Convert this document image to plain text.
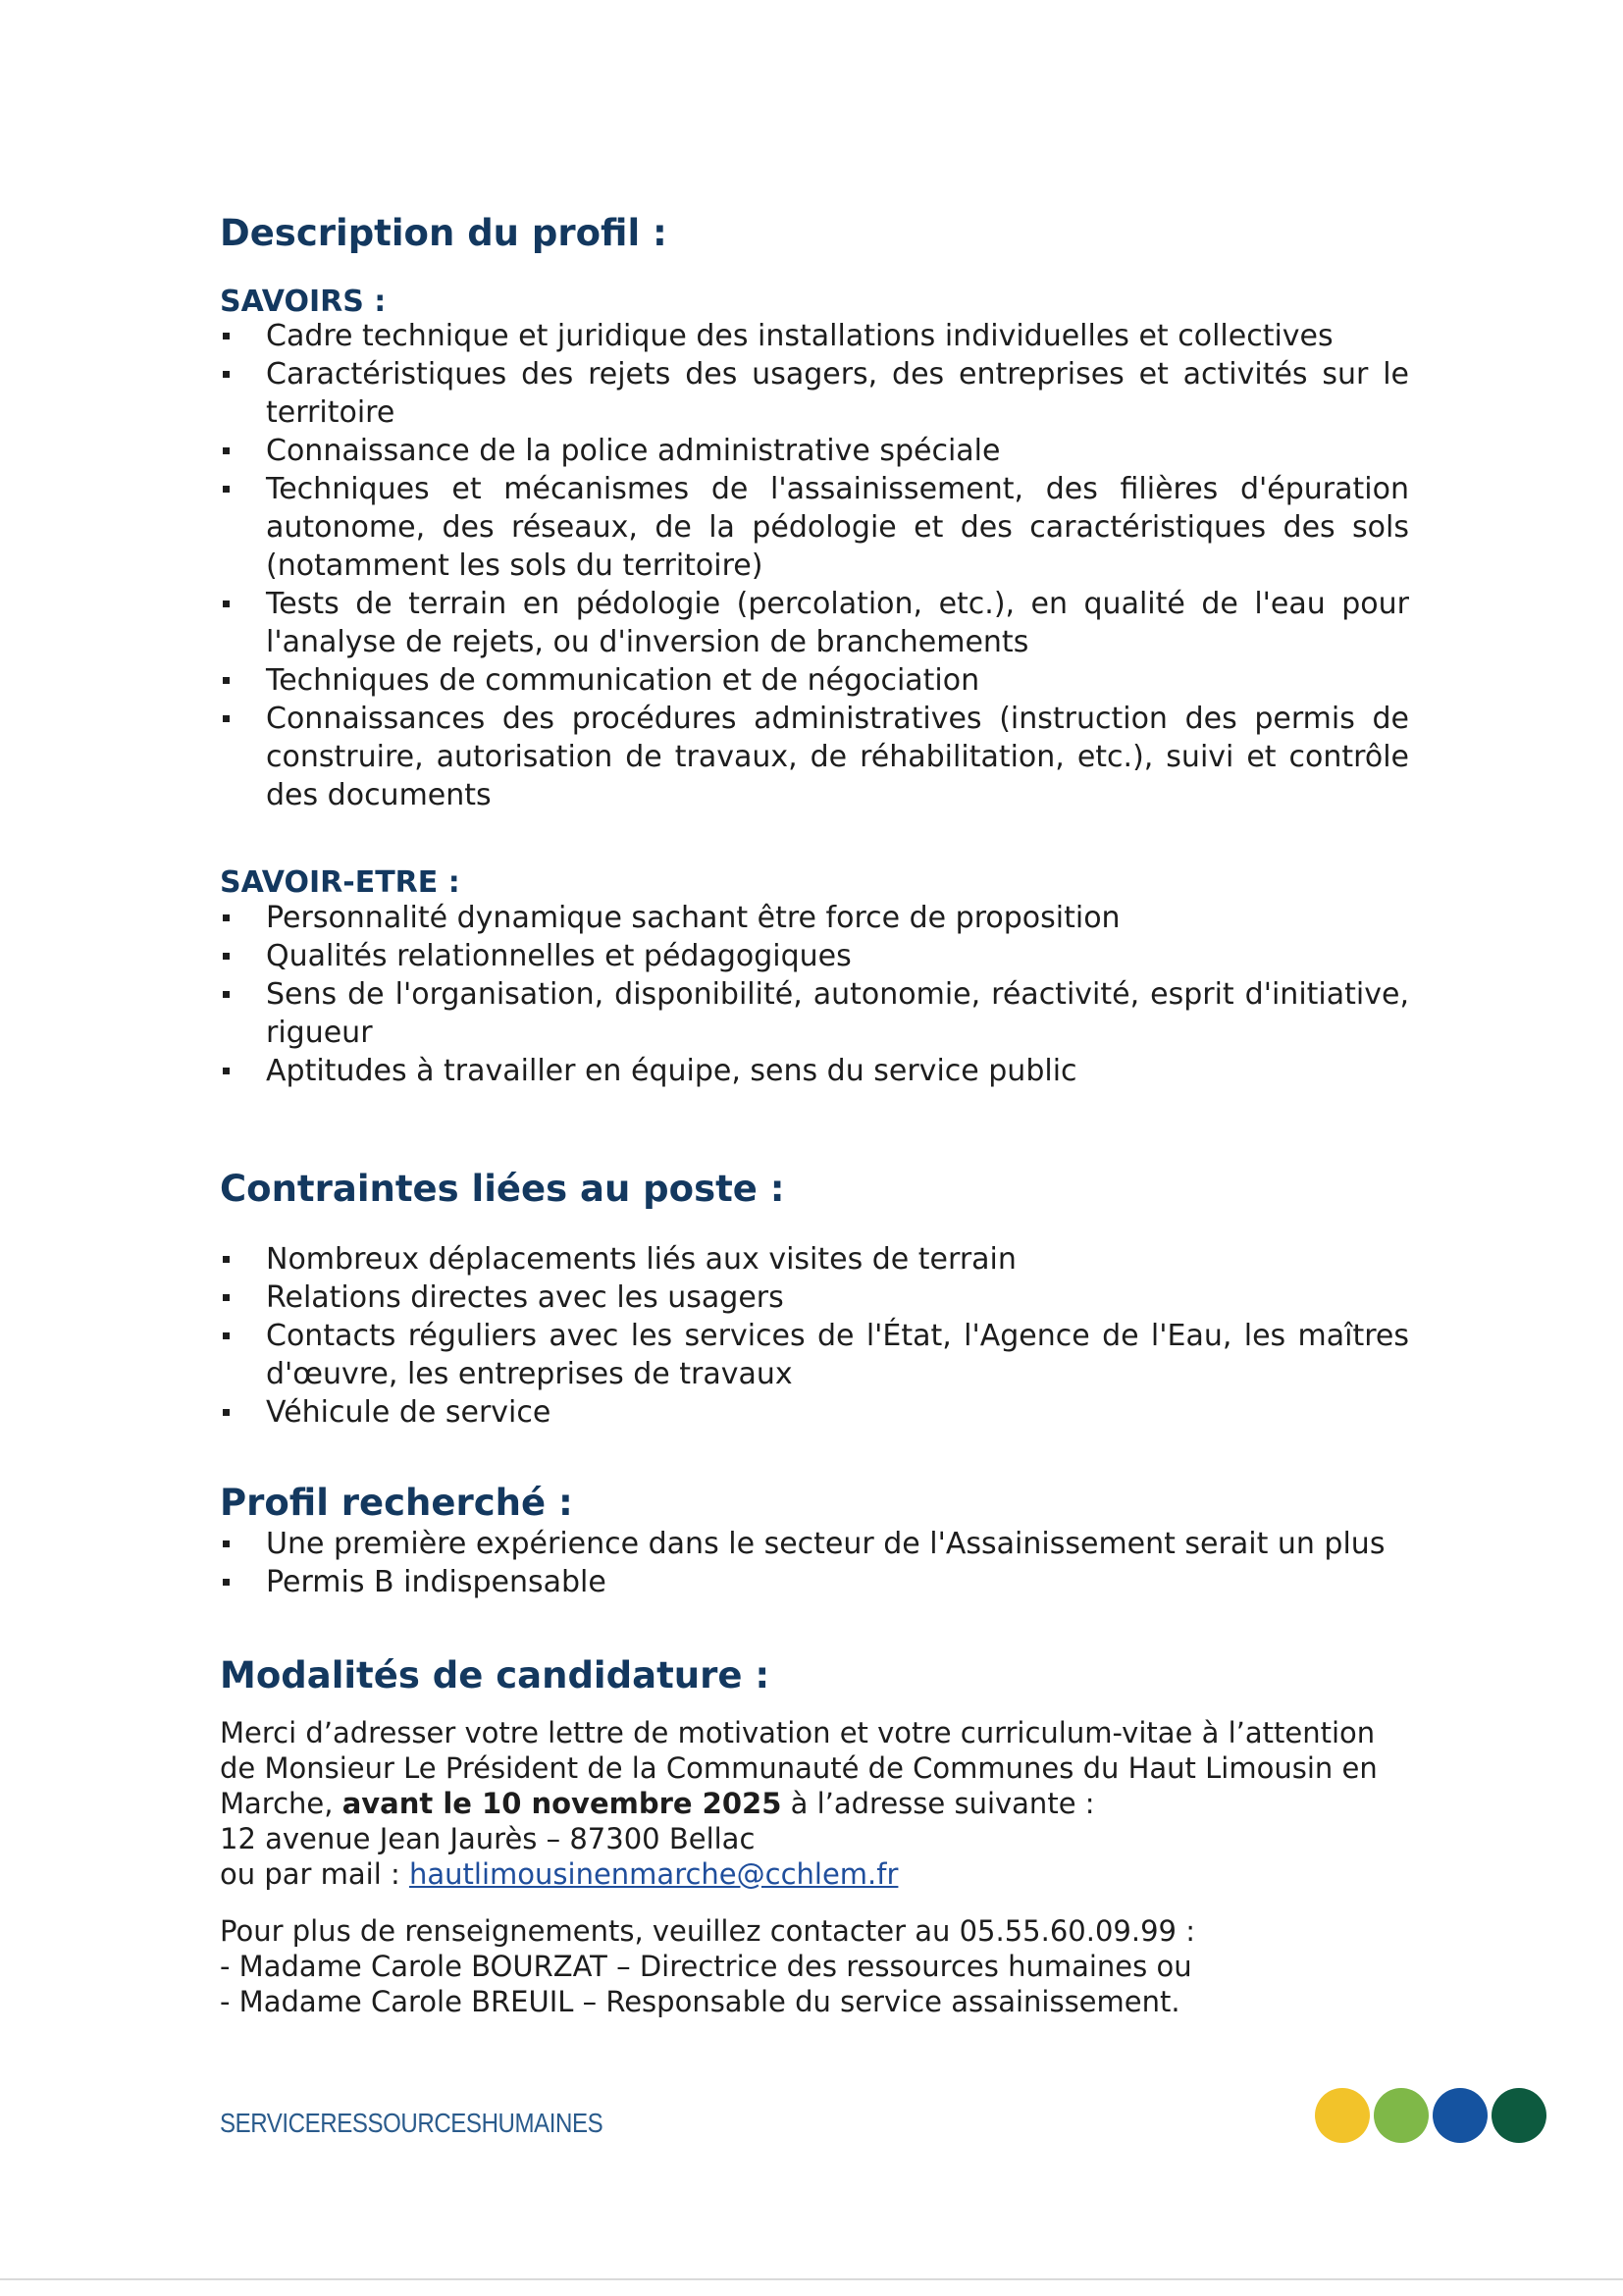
Description du profil :
SAVOIRS :
Cadre technique et juridique des installations individuelles et collectives
Caractéristiques des rejets des usagers, des entreprises et activités sur le territoire
Connaissance de la police administrative spéciale
Techniques et mécanismes de l'assainissement, des filières d'épuration autonome, des réseaux, de la pédologie et des caractéristiques des sols (notamment les sols du territoire)
Tests de terrain en pédologie (percolation, etc.), en qualité de l'eau pour l'analyse de rejets, ou d'inversion de branchements
Techniques de communication et de négociation
Connaissances des procédures administratives (instruction des permis de construire, autorisation de travaux, de réhabilitation, etc.), suivi et contrôle des documents
SAVOIR-ETRE :
Personnalité dynamique sachant être force de proposition
Qualités relationnelles et pédagogiques
Sens de l'organisation, disponibilité, autonomie, réactivité, esprit d'initiative, rigueur
Aptitudes à travailler en équipe, sens du service public
Contraintes liées au poste :
Nombreux déplacements liés aux visites de terrain
Relations directes avec les usagers
Contacts réguliers avec les services de l'État, l'Agence de l'Eau, les maîtres d'œuvre, les entreprises de travaux
Véhicule de service
Profil recherché :
Une première expérience dans le secteur de l'Assainissement serait un plus
Permis B indispensable
Modalités de candidature :
Merci d’adresser votre lettre de motivation et votre curriculum-vitae à l’attention
de Monsieur Le Président de la Communauté de Communes du Haut Limousin en
Marche, avant le 10 novembre 2025 à l’adresse suivante :
12 avenue Jean Jaurès – 87300 Bellac
ou par mail : hautlimousinenmarche@cchlem.fr
Pour plus de renseignements, veuillez contacter au 05.55.60.09.99 :
- Madame Carole BOURZAT – Directrice des ressources humaines ou
- Madame Carole BREUIL – Responsable du service assainissement.
SERVICERESSOURCESHUMAINES
